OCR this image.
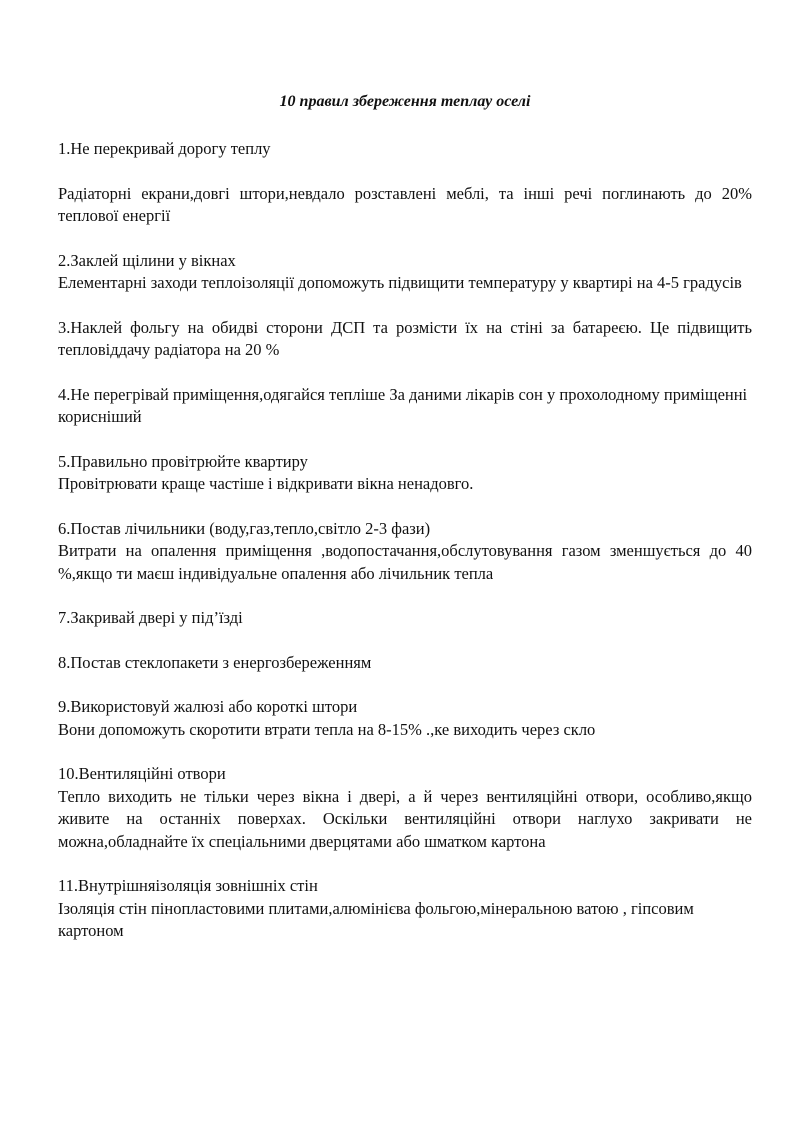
10 правил збереження теплау оселі
1.Не перекривай дорогу теплу
Радіаторні екрани,довгі штори,невдало розставлені меблі, та інші речі поглинають до 20% теплової енергії
2.Заклей щілини у вікнах
Елементарні заходи теплоізоляції допоможуть підвищити температуру у квартирі на 4-5 градусів
3.Наклей фольгу на обидві сторони ДСП та розмісти їх на стіні за батареєю. Це підвищить тепловіддачу радіатора на 20 %
4.Не перегрівай приміщення,одягайся тепліше За даними лікарів сон у прохолодному приміщенні корисніший
5.Правильно провітрюйте квартиру
Провітрювати краще частіше і відкривати вікна ненадовго.
6.Постав лічильники (воду,газ,тепло,світло 2-3 фази)
Витрати на опалення приміщення ,водопостачання,обслутовування газом зменшується до 40 %,якщо ти маєш індивідуальне опалення або лічильник тепла
7.Закривай двері у під’їзді
8.Постав стеклопакети з енергозбереженням
9.Використовуй жалюзі або короткі штори
Вони допоможуть скоротити втрати тепла на 8-15% .,ке виходить через скло
10.Вентиляційні отвори
Тепло виходить не тільки через вікна і двері, а й через вентиляційні отвори, особливо,якщо живите на останніх поверхах. Оскільки вентиляційні отвори наглухо закривати не можна,обладнайте їх спеціальними дверцятами або шматком картона
11.Внутрішняізоляція зовнішніх стін
Ізоляція стін пінопластовими плитами,алюмінієва фольгою,мінеральною ватою , гіпсовим картоном
